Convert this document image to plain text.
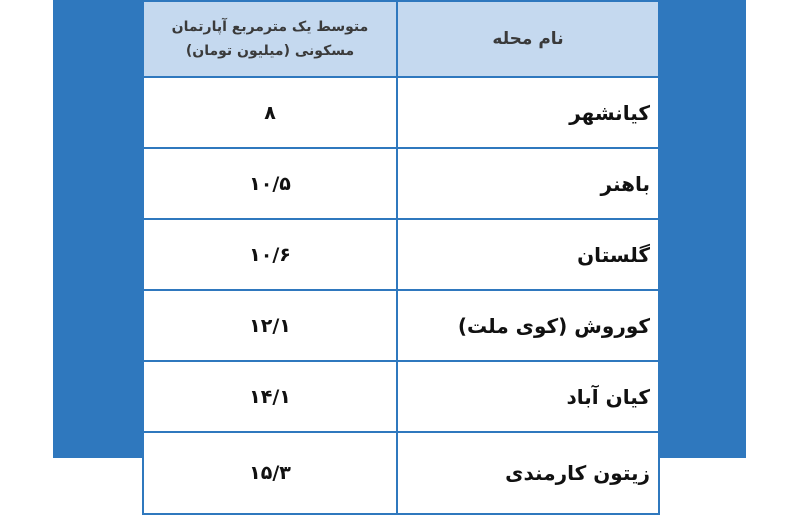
نام محله	متوسط یک مترمربع آپارتمان مسکونی (میلیون تومان)
کیانشهر	۸
باهنر	۱۰/۵
گلستان	۱۰/۶
کوروش (کوی ملت)	۱۲/۱
کیان آباد	۱۴/۱
زیتون کارمندی	۱۵/۳
